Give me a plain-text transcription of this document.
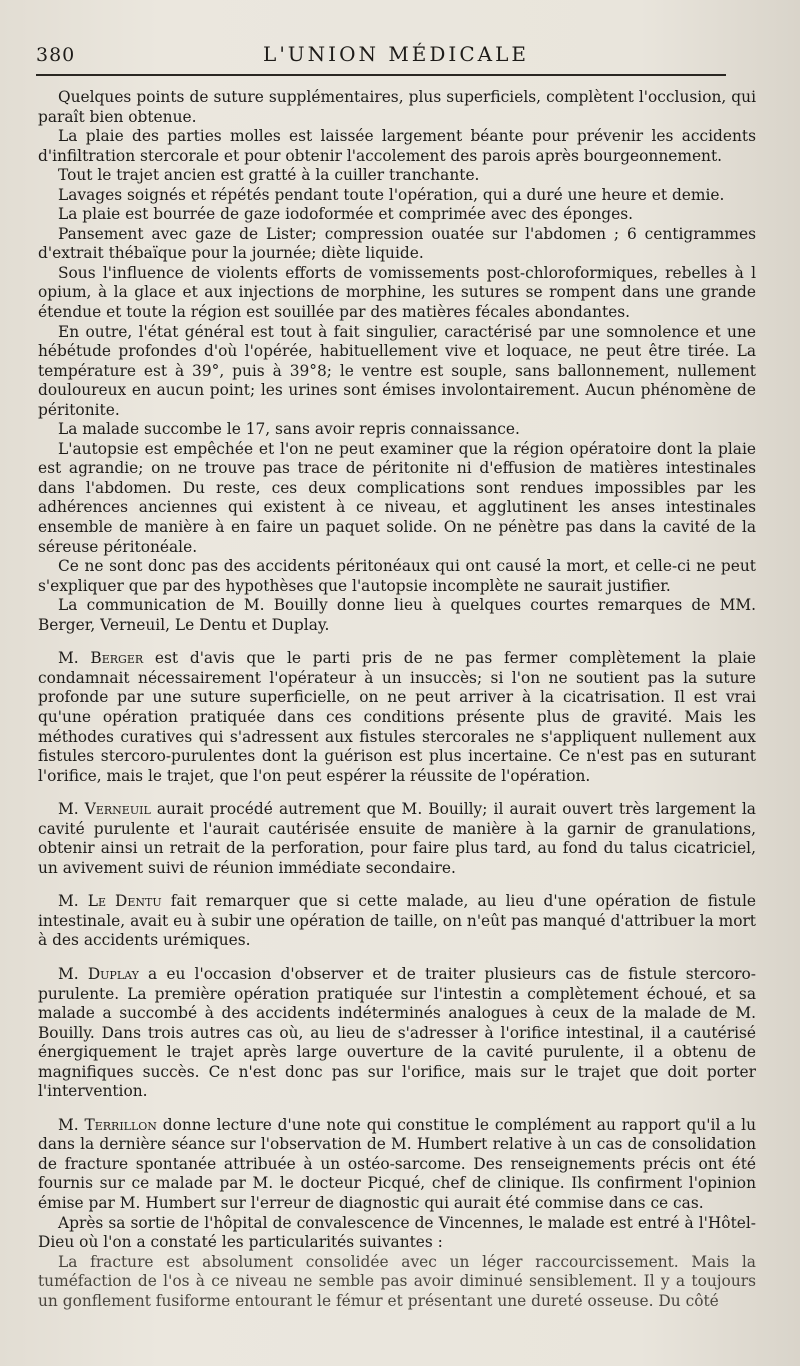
380	L'UNION MÉDICALE

Quelques points de suture supplémentaires, plus superficiels, complètent l'occlusion, qui paraît bien obtenue.

La plaie des parties molles est laissée largement béante pour prévenir les accidents d'infiltration stercorale et pour obtenir l'accolement des parois après bourgeonnement.

Tout le trajet ancien est gratté à la cuiller tranchante.

Lavages soignés et répétés pendant toute l'opération, qui a duré une heure et demie.

La plaie est bourrée de gaze iodoformée et comprimée avec des éponges.

Pansement avec gaze de Lister; compression ouatée sur l'abdomen ; 6 centigrammes d'extrait thébaïque pour la journée; diète liquide.

Sous l'influence de violents efforts de vomissements post-chloroformiques, rebelles à l opium, à la glace et aux injections de morphine, les sutures se rompent dans une grande étendue et toute la région est souillée par des matières fécales abondantes.

En outre, l'état général est tout à fait singulier, caractérisé par une somnolence et une hébétude profondes d'où l'opérée, habituellement vive et loquace, ne peut être tirée. La température est à 39°, puis à 39°8; le ventre est souple, sans ballonnement, nullement douloureux en aucun point; les urines sont émises involontairement. Aucun phénomène de péritonite.

La malade succombe le 17, sans avoir repris connaissance.

L'autopsie est empêchée et l'on ne peut examiner que la région opératoire dont la plaie est agrandie; on ne trouve pas trace de péritonite ni d'effusion de matières intestinales dans l'abdomen. Du reste, ces deux complications sont rendues impossibles par les adhérences anciennes qui existent à ce niveau, et agglutinent les anses intestinales ensemble de manière à en faire un paquet solide. On ne pénètre pas dans la cavité de la séreuse péritonéale.

Ce ne sont donc pas des accidents péritonéaux qui ont causé la mort, et celle-ci ne peut s'expliquer que par des hypothèses que l'autopsie incomplète ne saurait justifier.

La communication de M. Bouilly donne lieu à quelques courtes remarques de MM. Berger, Verneuil, Le Dentu et Duplay.

M. Berger est d'avis que le parti pris de ne pas fermer complètement la plaie condamnait nécessairement l'opérateur à un insuccès; si l'on ne soutient pas la suture profonde par une suture superficielle, on ne peut arriver à la cicatrisation. Il est vrai qu'une opération pratiquée dans ces conditions présente plus de gravité. Mais les méthodes curatives qui s'adressent aux fistules stercorales ne s'appliquent nullement aux fistules stercoro-purulentes dont la guérison est plus incertaine. Ce n'est pas en suturant l'orifice, mais le trajet, que l'on peut espérer la réussite de l'opération.

M. Verneuil aurait procédé autrement que M. Bouilly; il aurait ouvert très largement la cavité purulente et l'aurait cautérisée ensuite de manière à la garnir de granulations, obtenir ainsi un retrait de la perforation, pour faire plus tard, au fond du talus cicatriciel, un avivement suivi de réunion immédiate secondaire.

M. Le Dentu fait remarquer que si cette malade, au lieu d'une opération de fistule intestinale, avait eu à subir une opération de taille, on n'eût pas manqué d'attribuer la mort à des accidents urémiques.

M. Duplay a eu l'occasion d'observer et de traiter plusieurs cas de fistule stercoro-purulente. La première opération pratiquée sur l'intestin a complètement échoué, et sa malade a succombé à des accidents indéterminés analogues à ceux de la malade de M. Bouilly. Dans trois autres cas où, au lieu de s'adresser à l'orifice intestinal, il a cautérisé énergiquement le trajet après large ouverture de la cavité purulente, il a obtenu de magnifiques succès. Ce n'est donc pas sur l'orifice, mais sur le trajet que doit porter l'intervention.

M. Terrillon donne lecture d'une note qui constitue le complément au rapport qu'il a lu dans la dernière séance sur l'observation de M. Humbert relative à un cas de consolidation de fracture spontanée attribuée à un ostéo-sarcome. Des renseignements précis ont été fournis sur ce malade par M. le docteur Picqué, chef de clinique. Ils confirment l'opinion émise par M. Humbert sur l'erreur de diagnostic qui aurait été commise dans ce cas.

Après sa sortie de l'hôpital de convalescence de Vincennes, le malade est entré à l'Hôtel-Dieu où l'on a constaté les particularités suivantes :

La fracture est absolument consolidée avec un léger raccourcissement. Mais la tuméfaction de l'os à ce niveau ne semble pas avoir diminué sensiblement. Il y a toujours un gonflement fusiforme entourant le fémur et présentant une dureté osseuse. Du côté
